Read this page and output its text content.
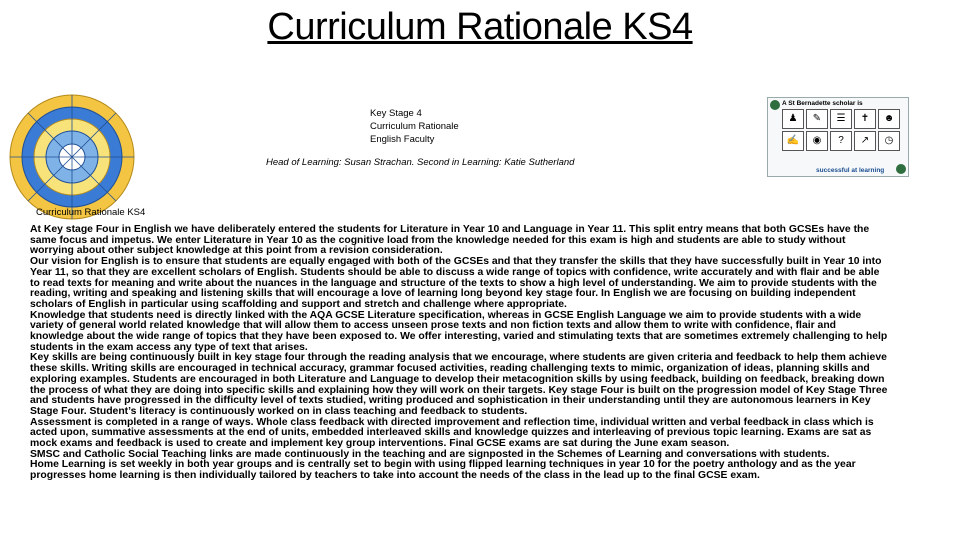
Curriculum Rationale KS4
Key Stage 4
Curriculum Rationale
English Faculty
Head of Learning: Susan Strachan. Second in Learning: Katie Sutherland
A St Bernadette scholar is
♟	✎	☰	✝	☻
✍	◉	?	↗	◷
successful at learning
Curriculum Rationale KS4

At Key stage Four in English we have deliberately entered the students for Literature in Year 10 and Language in Year 11. This split entry means that both GCSEs have the same focus and impetus. We enter Literature in Year 10 as the cognitive load from the knowledge needed for this exam is high and students are able to study without worrying about other subject knowledge at this point from a revision consideration.

Our vision for English is to ensure that students are equally engaged with both of the GCSEs and that they transfer the skills that they have successfully built in Year 10 into Year 11, so that they are excellent scholars of English. Students should be able to discuss a wide range of topics with confidence, write accurately and with flair and be able to read texts for meaning and write about the nuances in the language and structure of the texts to show a high level of understanding. We aim to provide students with the reading, writing and speaking and listening skills that will encourage a love of learning long beyond key stage four. In English we are focusing on building independent scholars of English in particular using scaffolding and support and stretch and challenge where appropriate.

Knowledge that students need is directly linked with the AQA GCSE Literature specification, whereas in GCSE English Language we aim to provide students with a wide variety of general world related knowledge that will allow them to access unseen prose texts and non fiction texts and allow them to write with confidence, flair and knowledge about the wide range of topics that they have been exposed to. We offer interesting, varied and stimulating texts that are sometimes extremely challenging to help students in the exam access any type of text that arises.

Key skills are being continuously built in key stage four through the reading analysis that we encourage, where students are given criteria and feedback to help them achieve these skills. Writing skills are encouraged in technical accuracy, grammar focused activities, reading challenging texts to mimic, organization of ideas, planning skills and exploring examples. Students are encouraged in both Literature and Language to develop their metacognition skills by using feedback, building on feedback, breaking down the process of what they are doing into specific skills and explaining how they will work on their targets. Key stage Four is built on the progression model of Key Stage Three and students have progressed in the difficulty level of texts studied, writing produced and sophistication in their understanding until they are autonomous learners in Key Stage Four. Student’s literacy is continuously worked on in class teaching and feedback to students.

Assessment is completed in a range of ways. Whole class feedback with directed improvement and reflection time, individual written and verbal feedback in class which is acted upon, summative assessments at the end of units, embedded interleaved skills and knowledge quizzes and interleaving of previous topic learning. Exams are sat as mock exams and feedback is used to create and implement key group interventions. Final GCSE exams are sat during the June exam season.

SMSC and Catholic Social Teaching links are made continuously in the teaching and are signposted in the Schemes of Learning and conversations with students.

Home Learning is set weekly in both year groups and is centrally set to begin with using flipped learning techniques in year 10 for the poetry anthology and as the year progresses home learning is then individually tailored by teachers to take into account the needs of the class in the lead up to the final GCSE exam.
